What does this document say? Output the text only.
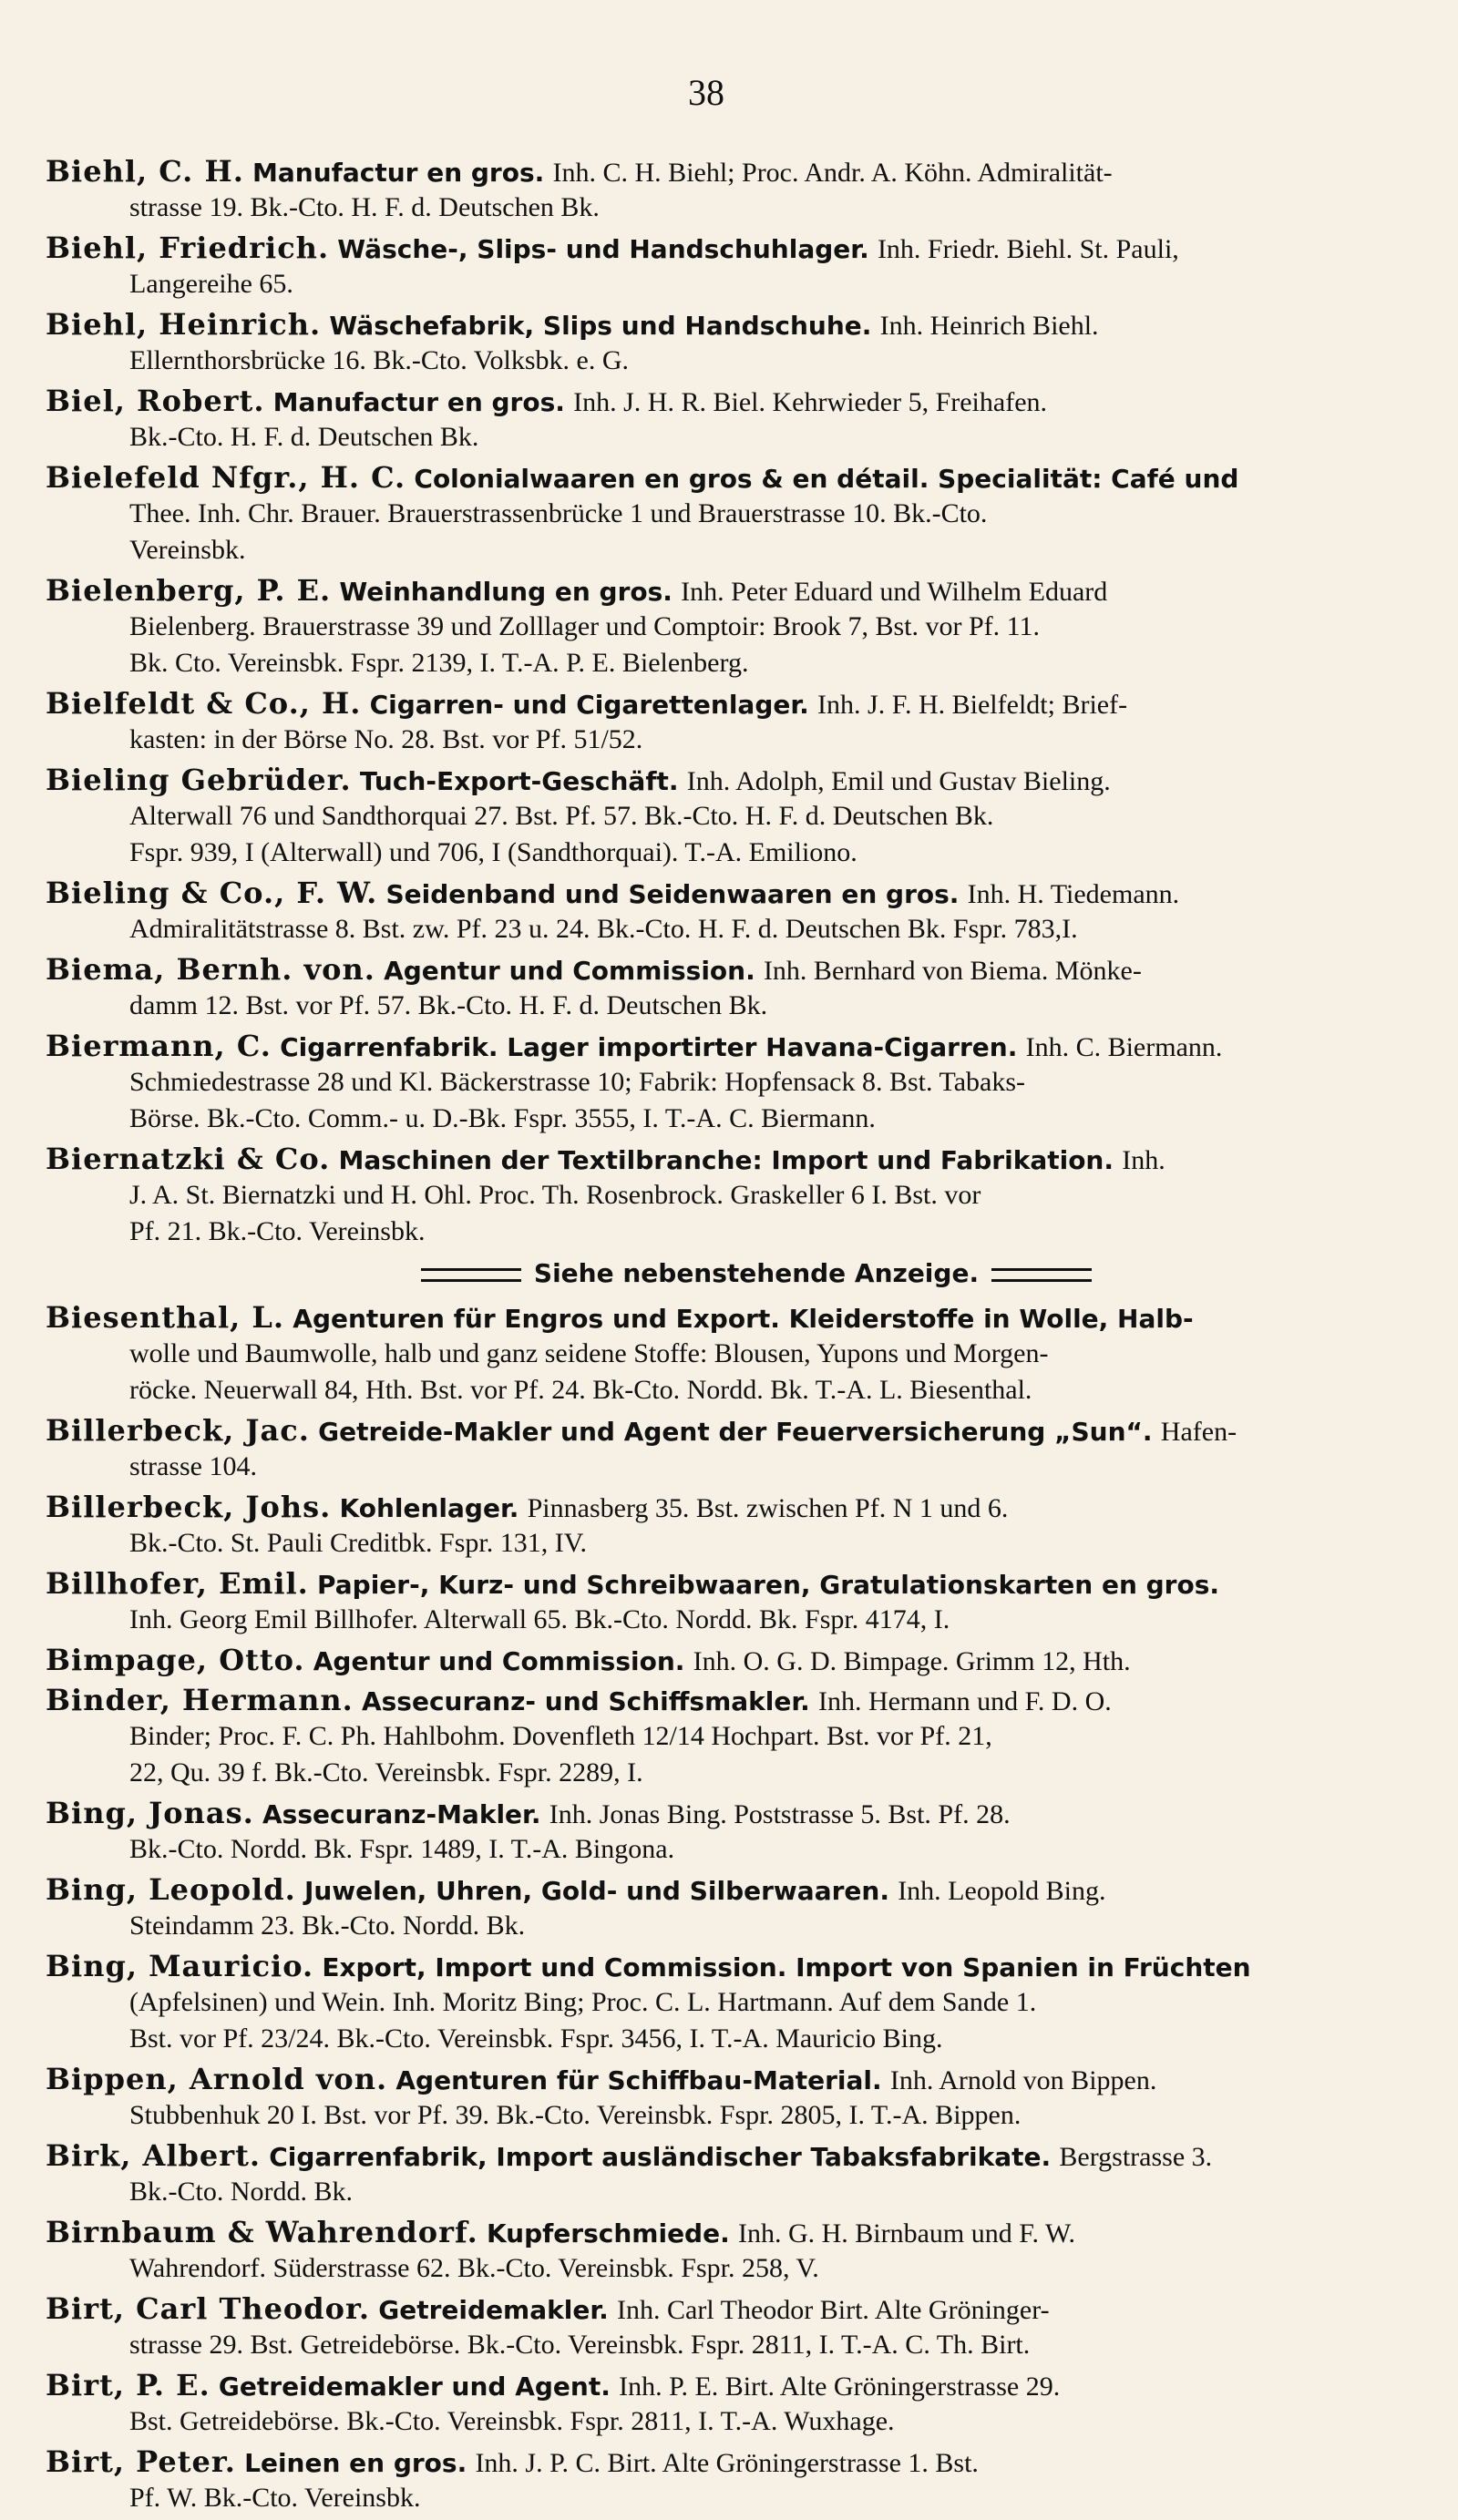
38
Biehl, C. H. Manufactur en gros. Inh. C. H. Biehl; Proc. Andr. A. Köhn. Admiralität-
strasse 19. Bk.-Cto. H. F. d. Deutschen Bk.
Biehl, Friedrich. Wäsche-, Slips- und Handschuhlager. Inh. Friedr. Biehl. St. Pauli,
Langereihe 65.
Biehl, Heinrich. Wäschefabrik, Slips und Handschuhe. Inh. Heinrich Biehl.
Ellernthorsbrücke 16. Bk.-Cto. Volksbk. e. G.
Biel, Robert. Manufactur en gros. Inh. J. H. R. Biel. Kehrwieder 5, Freihafen.
Bk.-Cto. H. F. d. Deutschen Bk.
Bielefeld Nfgr., H. C. Colonialwaaren en gros & en détail. Specialität: Café und
Thee. Inh. Chr. Brauer. Brauerstrassenbrücke 1 und Brauerstrasse 10. Bk.-Cto.
Vereinsbk.
Bielenberg, P. E. Weinhandlung en gros. Inh. Peter Eduard und Wilhelm Eduard
Bielenberg. Brauerstrasse 39 und Zolllager und Comptoir: Brook 7, Bst. vor Pf. 11.
Bk. Cto. Vereinsbk. Fspr. 2139, I. T.-A. P. E. Bielenberg.
Bielfeldt & Co., H. Cigarren- und Cigarettenlager. Inh. J. F. H. Bielfeldt; Brief-
kasten: in der Börse No. 28. Bst. vor Pf. 51/52.
Bieling Gebrüder. Tuch-Export-Geschäft. Inh. Adolph, Emil und Gustav Bieling.
Alterwall 76 und Sandthorquai 27. Bst. Pf. 57. Bk.-Cto. H. F. d. Deutschen Bk.
Fspr. 939, I (Alterwall) und 706, I (Sandthorquai). T.-A. Emiliono.
Bieling & Co., F. W. Seidenband und Seidenwaaren en gros. Inh. H. Tiedemann.
Admiralitätstrasse 8. Bst. zw. Pf. 23 u. 24. Bk.-Cto. H. F. d. Deutschen Bk. Fspr. 783,I.
Biema, Bernh. von. Agentur und Commission. Inh. Bernhard von Biema. Mönke-
damm 12. Bst. vor Pf. 57. Bk.-Cto. H. F. d. Deutschen Bk.
Biermann, C. Cigarrenfabrik. Lager importirter Havana-Cigarren. Inh. C. Biermann.
Schmiedestrasse 28 und Kl. Bäckerstrasse 10; Fabrik: Hopfensack 8. Bst. Tabaks-
Börse. Bk.-Cto. Comm.- u. D.-Bk. Fspr. 3555, I. T.-A. C. Biermann.
Biernatzki & Co. Maschinen der Textilbranche: Import und Fabrikation. Inh.
J. A. St. Biernatzki und H. Ohl. Proc. Th. Rosenbrock. Graskeller 6 I. Bst. vor
Pf. 21. Bk.-Cto. Vereinsbk.
Siehe nebenstehende Anzeige.
Biesenthal, L. Agenturen für Engros und Export. Kleiderstoffe in Wolle, Halb-
wolle und Baumwolle, halb und ganz seidene Stoffe: Blousen, Yupons und Morgen-
röcke. Neuerwall 84, Hth. Bst. vor Pf. 24. Bk-Cto. Nordd. Bk. T.-A. L. Biesenthal.
Billerbeck, Jac. Getreide-Makler und Agent der Feuerversicherung „Sun“. Hafen-
strasse 104.
Billerbeck, Johs. Kohlenlager. Pinnasberg 35. Bst. zwischen Pf. N 1 und 6.
Bk.-Cto. St. Pauli Creditbk. Fspr. 131, IV.
Billhofer, Emil. Papier-, Kurz- und Schreibwaaren, Gratulationskarten en gros.
Inh. Georg Emil Billhofer. Alterwall 65. Bk.-Cto. Nordd. Bk. Fspr. 4174, I.
Bimpage, Otto. Agentur und Commission. Inh. O. G. D. Bimpage. Grimm 12, Hth.
Binder, Hermann. Assecuranz- und Schiffsmakler. Inh. Hermann und F. D. O.
Binder; Proc. F. C. Ph. Hahlbohm. Dovenfleth 12/14 Hochpart. Bst. vor Pf. 21,
22, Qu. 39 f. Bk.-Cto. Vereinsbk. Fspr. 2289, I.
Bing, Jonas. Assecuranz-Makler. Inh. Jonas Bing. Poststrasse 5. Bst. Pf. 28.
Bk.-Cto. Nordd. Bk. Fspr. 1489, I. T.-A. Bingona.
Bing, Leopold. Juwelen, Uhren, Gold- und Silberwaaren. Inh. Leopold Bing.
Steindamm 23. Bk.-Cto. Nordd. Bk.
Bing, Mauricio. Export, Import und Commission. Import von Spanien in Früchten
(Apfelsinen) und Wein. Inh. Moritz Bing; Proc. C. L. Hartmann. Auf dem Sande 1.
Bst. vor Pf. 23/24. Bk.-Cto. Vereinsbk. Fspr. 3456, I. T.-A. Mauricio Bing.
Bippen, Arnold von. Agenturen für Schiffbau-Material. Inh. Arnold von Bippen.
Stubbenhuk 20 I. Bst. vor Pf. 39. Bk.-Cto. Vereinsbk. Fspr. 2805, I. T.-A. Bippen.
Birk, Albert. Cigarrenfabrik, Import ausländischer Tabaksfabrikate. Bergstrasse 3.
Bk.-Cto. Nordd. Bk.
Birnbaum & Wahrendorf. Kupferschmiede. Inh. G. H. Birnbaum und F. W.
Wahrendorf. Süderstrasse 62. Bk.-Cto. Vereinsbk. Fspr. 258, V.
Birt, Carl Theodor. Getreidemakler. Inh. Carl Theodor Birt. Alte Gröninger-
strasse 29. Bst. Getreidebörse. Bk.-Cto. Vereinsbk. Fspr. 2811, I. T.-A. C. Th. Birt.
Birt, P. E. Getreidemakler und Agent. Inh. P. E. Birt. Alte Gröningerstrasse 29.
Bst. Getreidebörse. Bk.-Cto. Vereinsbk. Fspr. 2811, I. T.-A. Wuxhage.
Birt, Peter. Leinen en gros. Inh. J. P. C. Birt. Alte Gröningerstrasse 1. Bst.
Pf. W. Bk.-Cto. Vereinsbk.
